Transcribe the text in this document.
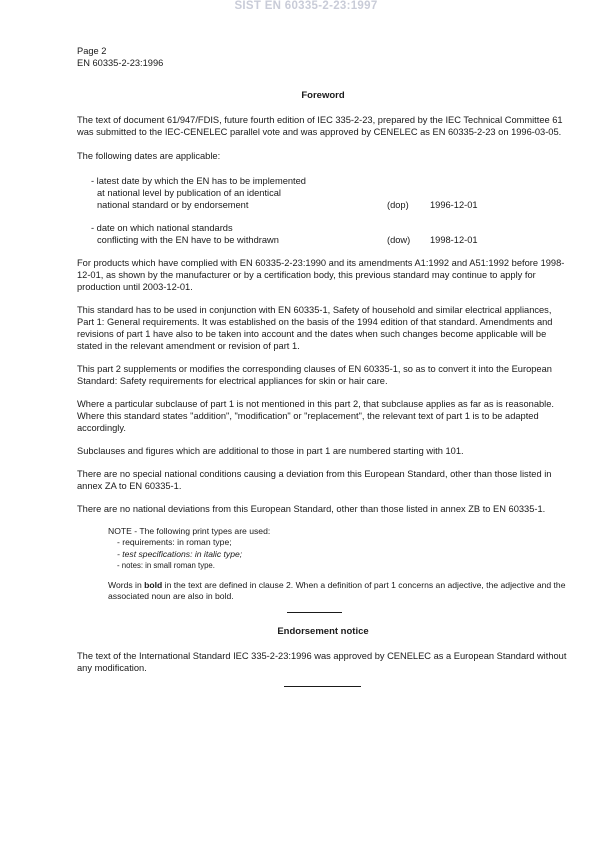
SIST EN 60335-2-23:1997
Page 2
EN 60335-2-23:1996
Foreword

The text of document 61/947/FDIS, future fourth edition of IEC 335-2-23, prepared by the IEC Technical Committee 61 was submitted to the IEC-CENELEC parallel vote and was approved by CENELEC as EN 60335-2-23 on 1996-03-05.

The following dates are applicable:

- latest date by which the EN has to be implemented
at national level by publication of an identical
national standard or by endorsement	(dop) 1996-12-01
- date on which national standards
conflicting with the EN have to be withdrawn	(dow) 1998-12-01

For products which have complied with EN 60335-2-23:1990 and its amendments A1:1992 and A51:1992 before 1998-12-01, as shown by the manufacturer or by a certification body, this previous standard may continue to apply for production until 2003-12-01.

This standard has to be used in conjunction with EN 60335-1, Safety of household and similar electrical appliances, Part 1: General requirements. It was established on the basis of the 1994 edition of that standard. Amendments and revisions of part 1 have also to be taken into account and the dates when such changes become applicable will be stated in the relevant amendment or revision of part 1.

This part 2 supplements or modifies the corresponding clauses of EN 60335-1, so as to convert it into the European Standard: Safety requirements for electrical appliances for skin or hair care.

Where a particular subclause of part 1 is not mentioned in this part 2, that subclause applies as far as is reasonable. Where this standard states "addition", "modification" or "replacement", the relevant text of part 1 is to be adapted accordingly.

Subclauses and figures which are additional to those in part 1 are numbered starting with 101.

There are no special national conditions causing a deviation from this European Standard, other than those listed in annex ZA to EN 60335-1.

There are no national deviations from this European Standard, other than those listed in annex ZB to EN 60335-1.

NOTE - The following print types are used:
- requirements: in roman type;
- test specifications: in italic type;
- notes: in small roman type.

Words in bold in the text are defined in clause 2. When a definition of part 1 concerns an adjective, the adjective and the associated noun are also in bold.

Endorsement notice

The text of the International Standard IEC 335-2-23:1996 was approved by CENELEC as a European Standard without any modification.
